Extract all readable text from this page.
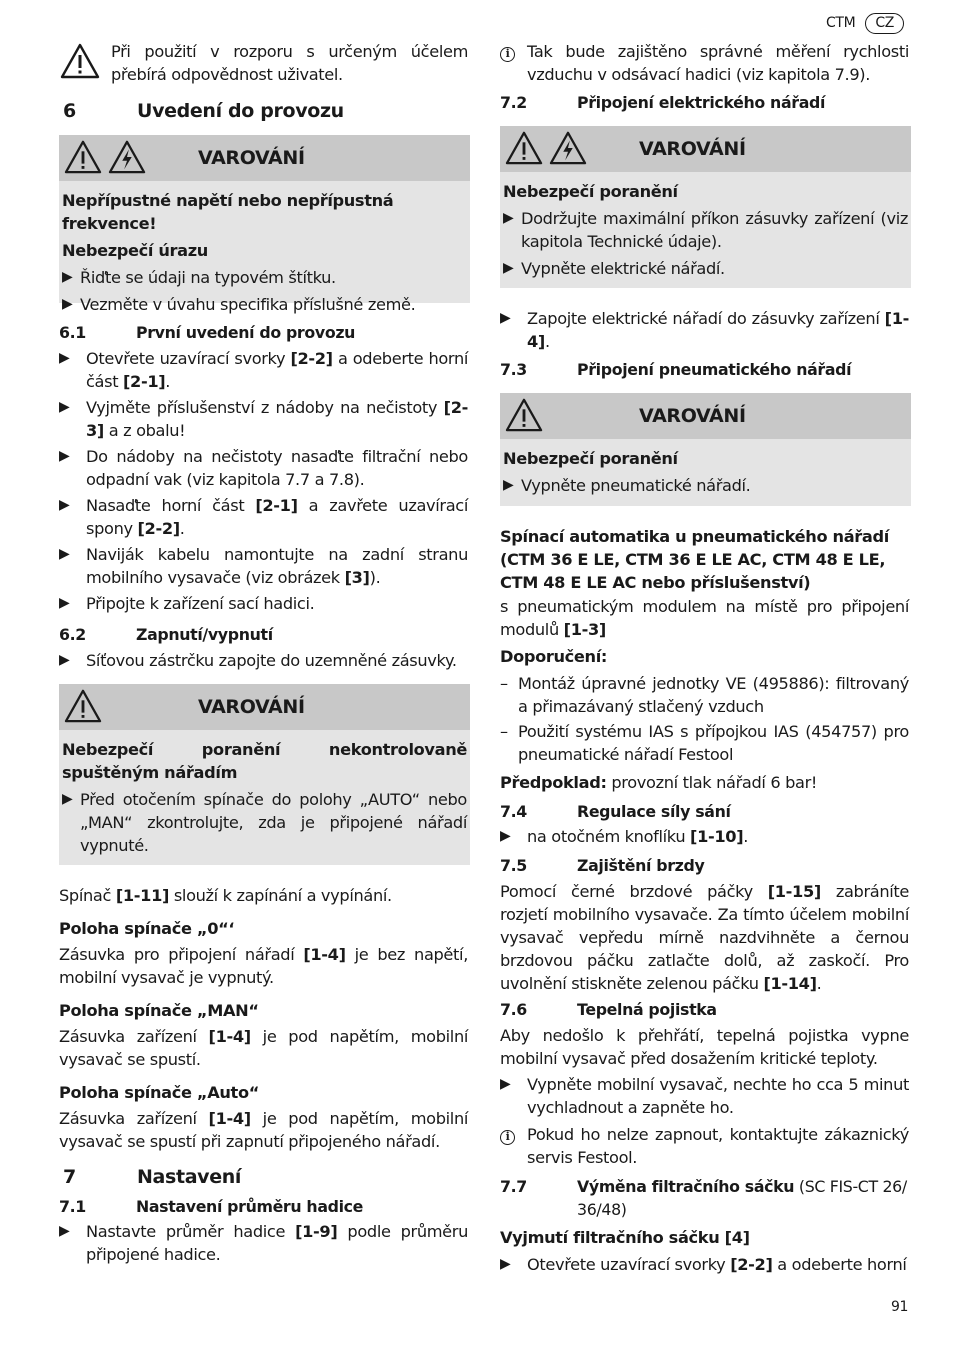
CTM	CZ

Při použití v rozporu s určeným účelem přebírá odpovědnost uživatel.

6	Uvedení do provozu
VAROVÁNÍ

Nepřípustné napětí nebo nepřípustná frekvence!

Nebezpečí úrazu

▶ Řiďte se údaji na typovém štítku.
▶ Vezměte v úvahu specifika příslušné země.
6.1	První uvedení do provozu
▶	Otevřete uzavírací svorky [2-2] a odeberte horní část [2-1].
▶	Vyjměte příslušenství z nádoby na nečistoty [2-3] a z obalu!
▶	Do nádoby na nečistoty nasaďte filtrační nebo odpadní vak (viz kapitola 7.7 a 7.8).
▶	Nasaďte horní část [2-1] a zavřete uzavírací spony [2-2].
▶	Naviják kabelu namontujte na zadní stranu mobilního vysavače (viz obrázek [3]).
▶	Připojte k zařízení sací hadici.
6.2	Zapnutí/vypnutí
▶	Síťovou zástrčku zapojte do uzemněné zásuvky.
VAROVÁNÍ

Nebezpečí poranění nekontrolovaně spuštěným nářadím

▶ Před otočením spínače do polohy „AUTO“ nebo „MAN“ zkontrolujte, zda je připojené nářadí vypnuté.

Spínač [1-11] slouží k zapínání a vypínání.

Poloha spínače „0“‘

Zásuvka pro připojení nářadí [1-4] je bez napětí, mobilní vysavač je vypnutý.

Poloha spínače „MAN“

Zásuvka zařízení [1-4] je pod napětím, mobilní vysavač se spustí.

Poloha spínače „Auto“

Zásuvka zařízení [1-4] je pod napětím, mobilní vysavač se spustí při zapnutí připojeného nářadí.

7	Nastavení
7.1	Nastavení průměru hadice
▶	Nastavte průměr hadice [1-9] podle průměru připojené hadice.
i	Tak bude zajištěno správné měření rychlosti vzduchu v odsávací hadici (viz kapitola 7.9).
7.2	Připojení elektrického nářadí
VAROVÁNÍ

Nebezpečí poranění

▶ Dodržujte maximální příkon zásuvky zařízení (viz kapitola Technické údaje).
▶ Vypněte elektrické nářadí.
▶	Zapojte elektrické nářadí do zásuvky zařízení [1-4].
7.3	Připojení pneumatického nářadí
VAROVÁNÍ

Nebezpečí poranění

▶ Vypněte pneumatické nářadí.

Spínací automatika u pneumatického nářadí (CTM 36 E LE, CTM 36 E LE AC, CTM 48 E LE, CTM 48 E LE AC nebo příslušenství)

s pneumatickým modulem na místě pro připojení modulů [1-3]

Doporučení:

– Montáž úpravné jednotky VE (495886): filtrovaný a přimazávaný stlačený vzduch
– Použití systému IAS s přípojkou IAS (454757) pro pneumatické nářadí Festool

Předpoklad: provozní tlak nářadí 6 bar!

7.4	Regulace síly sání
▶	na otočném knoflíku [1-10].
7.5	Zajištění brzdy

Pomocí černé brzdové páčky [1-15] zabráníte rozjetí mobilního vysavače. Za tímto účelem mobilní vysavač vepředu mírně nazdvihněte a černou brzdovou páčku zatlačte dolů, až zaskočí. Pro uvolnění stiskněte zelenou páčku [1-14].

7.6	Tepelná pojistka

Aby nedošlo k přehřátí, tepelná pojistka vypne mobilní vysavač před dosažením kritické teploty.

▶	Vypněte mobilní vysavač, nechte ho cca 5 minut vychladnout a zapněte ho.
i	Pokud ho nelze zapnout, kontaktujte zákaznický servis Festool.
7.7	Výměna filtračního sáčku (SC FIS-CT 26/ 36/48)

Vyjmutí filtračního sáčku [4]

▶	Otevřete uzavírací svorky [2-2] a odeberte horní
91
